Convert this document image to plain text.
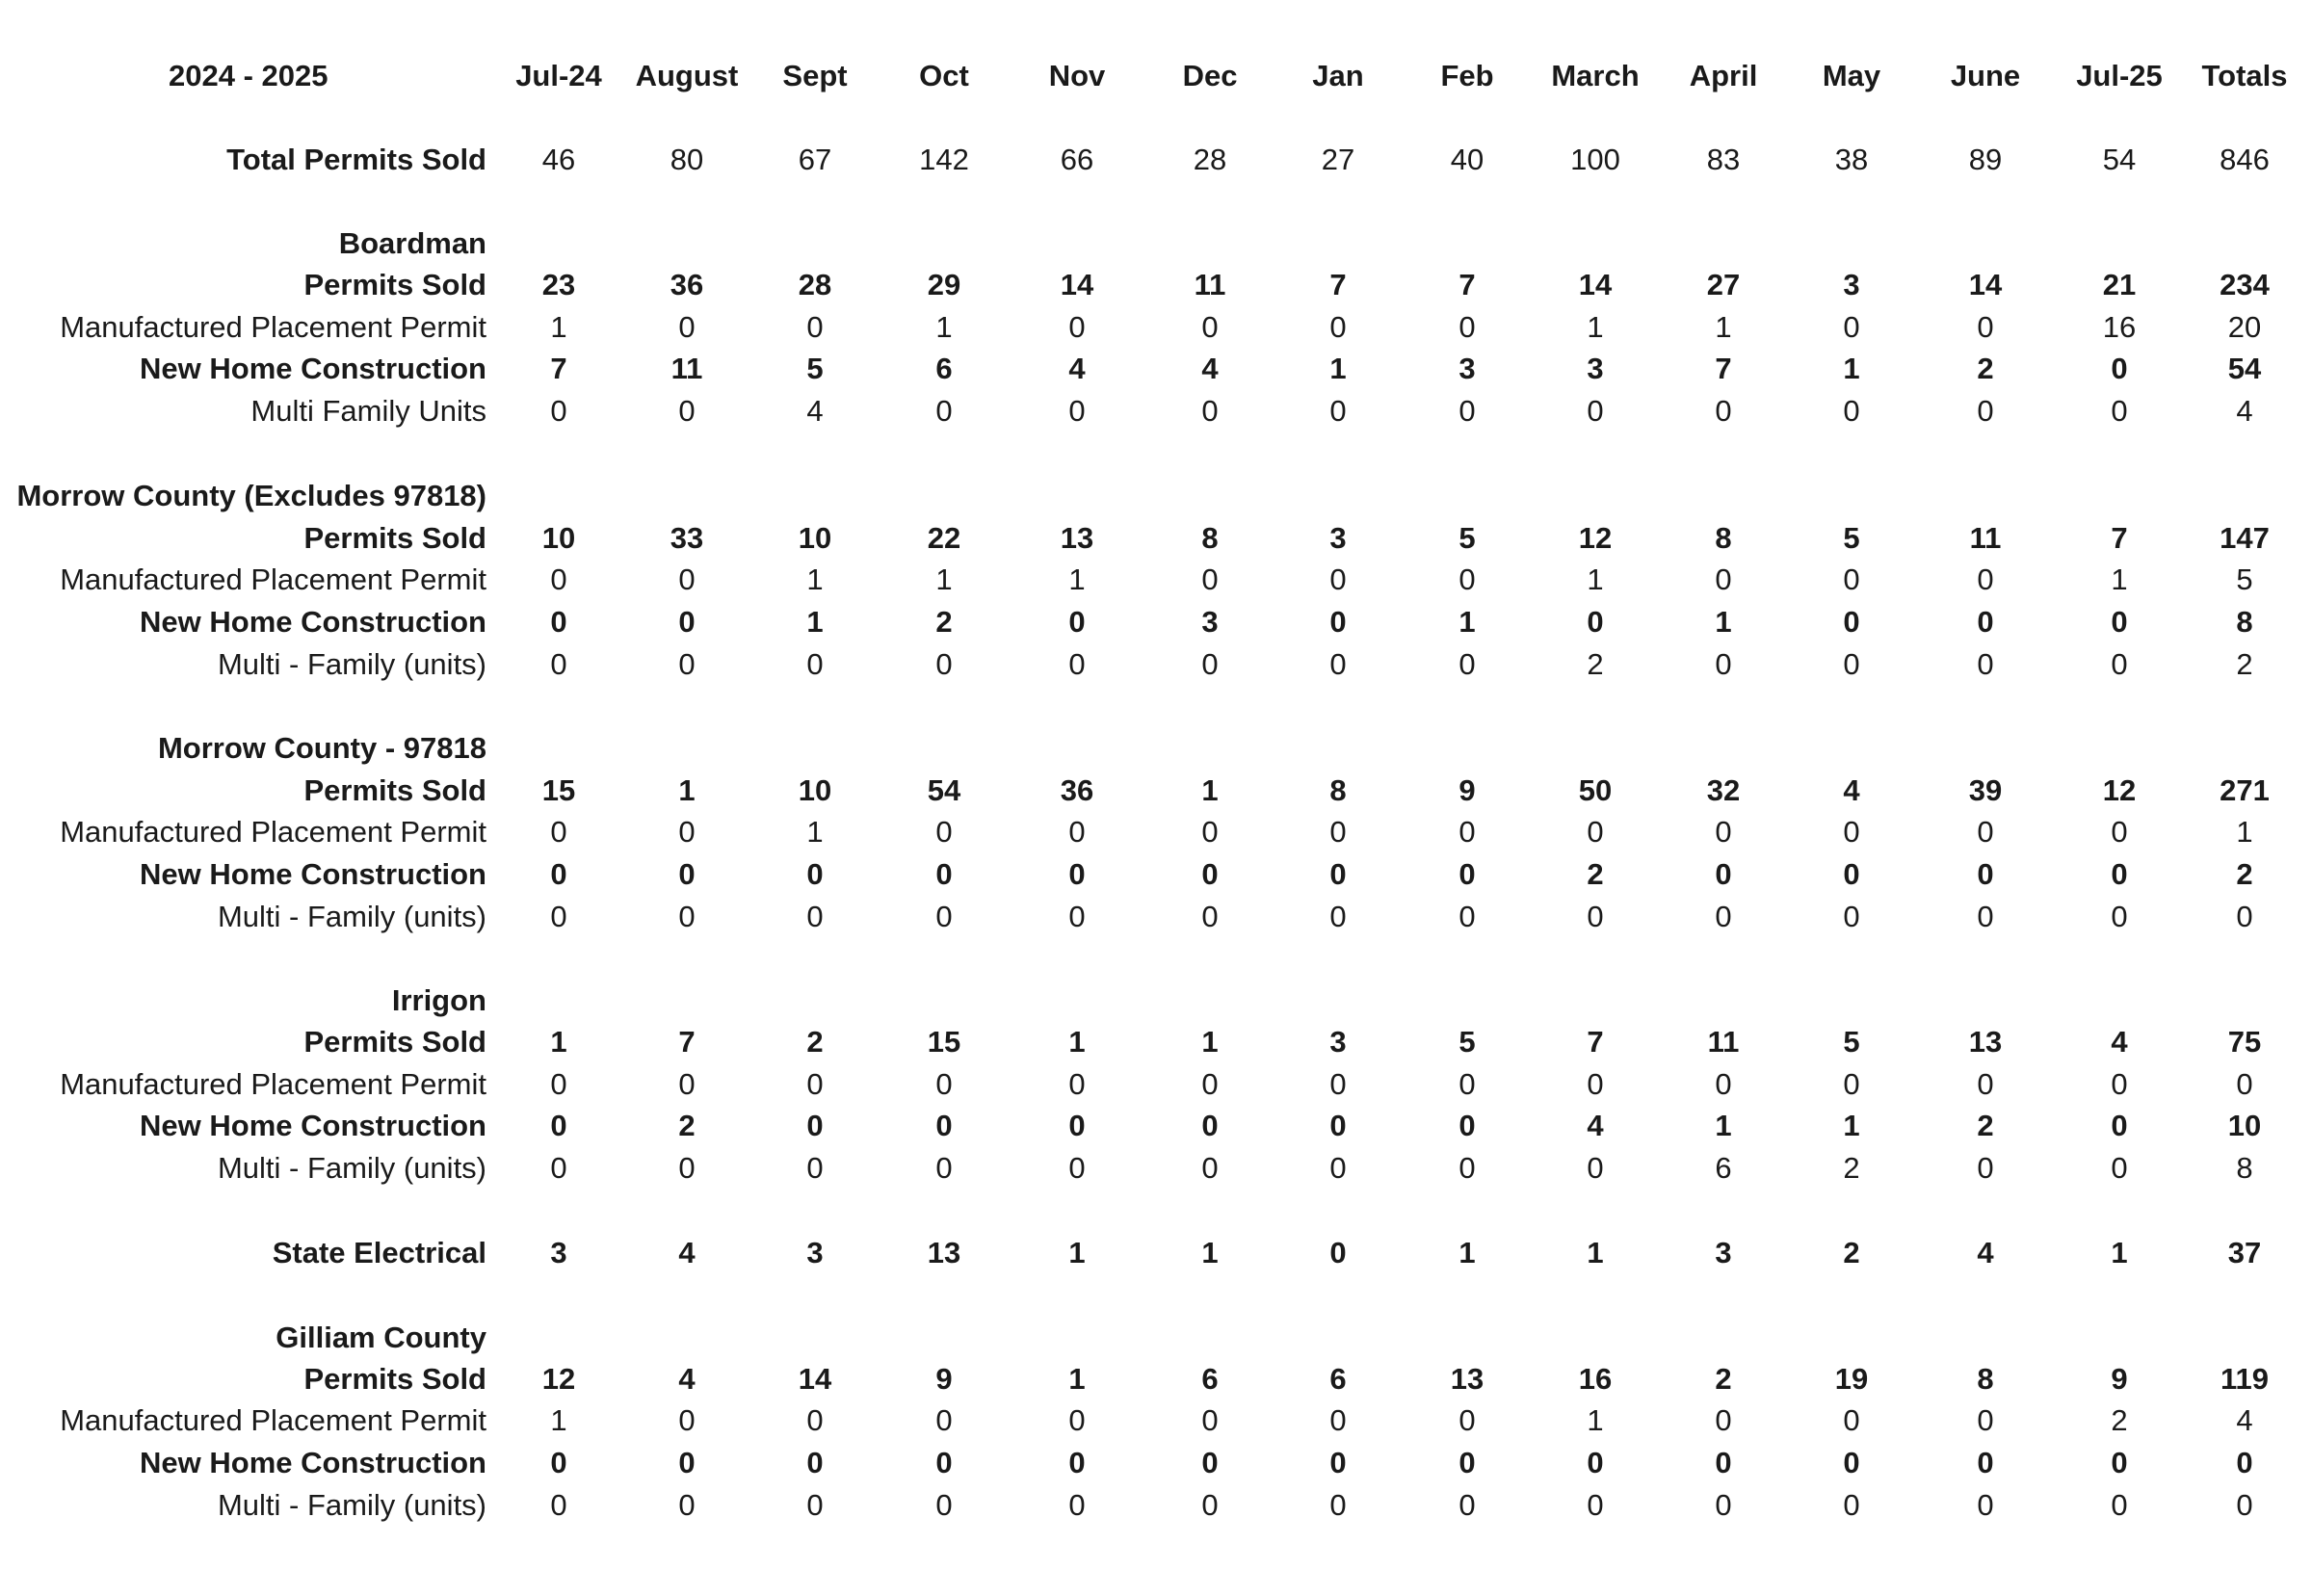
2024 - 2025	Jul-24	August	Sept	Oct	Nov	Dec	Jan	Feb	March	April	May	June	Jul-25	Totals
Total Permits Sold	46	80	67	142	66	28	27	40	100	83	38	89	54	846
Boardman
Permits Sold	23	36	28	29	14	11	7	7	14	27	3	14	21	234
Manufactured Placement Permit	1	0	0	1	0	0	0	0	1	1	0	0	16	20
New Home Construction	7	11	5	6	4	4	1	3	3	7	1	2	0	54
Multi Family Units	0	0	4	0	0	0	0	0	0	0	0	0	0	4
Morrow County (Excludes 97818)
Permits Sold	10	33	10	22	13	8	3	5	12	8	5	11	7	147
Manufactured Placement Permit	0	0	1	1	1	0	0	0	1	0	0	0	1	5
New Home Construction	0	0	1	2	0	3	0	1	0	1	0	0	0	8
Multi - Family (units)	0	0	0	0	0	0	0	0	2	0	0	0	0	2
Morrow County - 97818
Permits Sold	15	1	10	54	36	1	8	9	50	32	4	39	12	271
Manufactured Placement Permit	0	0	1	0	0	0	0	0	0	0	0	0	0	1
New Home Construction	0	0	0	0	0	0	0	0	2	0	0	0	0	2
Multi - Family (units)	0	0	0	0	0	0	0	0	0	0	0	0	0	0
Irrigon
Permits Sold	1	7	2	15	1	1	3	5	7	11	5	13	4	75
Manufactured Placement Permit	0	0	0	0	0	0	0	0	0	0	0	0	0	0
New Home Construction	0	2	0	0	0	0	0	0	4	1	1	2	0	10
Multi - Family (units)	0	0	0	0	0	0	0	0	0	6	2	0	0	8
State Electrical	3	4	3	13	1	1	0	1	1	3	2	4	1	37
Gilliam County
Permits Sold	12	4	14	9	1	6	6	13	16	2	19	8	9	119
Manufactured Placement Permit	1	0	0	0	0	0	0	0	1	0	0	0	2	4
New Home Construction	0	0	0	0	0	0	0	0	0	0	0	0	0	0
Multi - Family (units)	0	0	0	0	0	0	0	0	0	0	0	0	0	0
